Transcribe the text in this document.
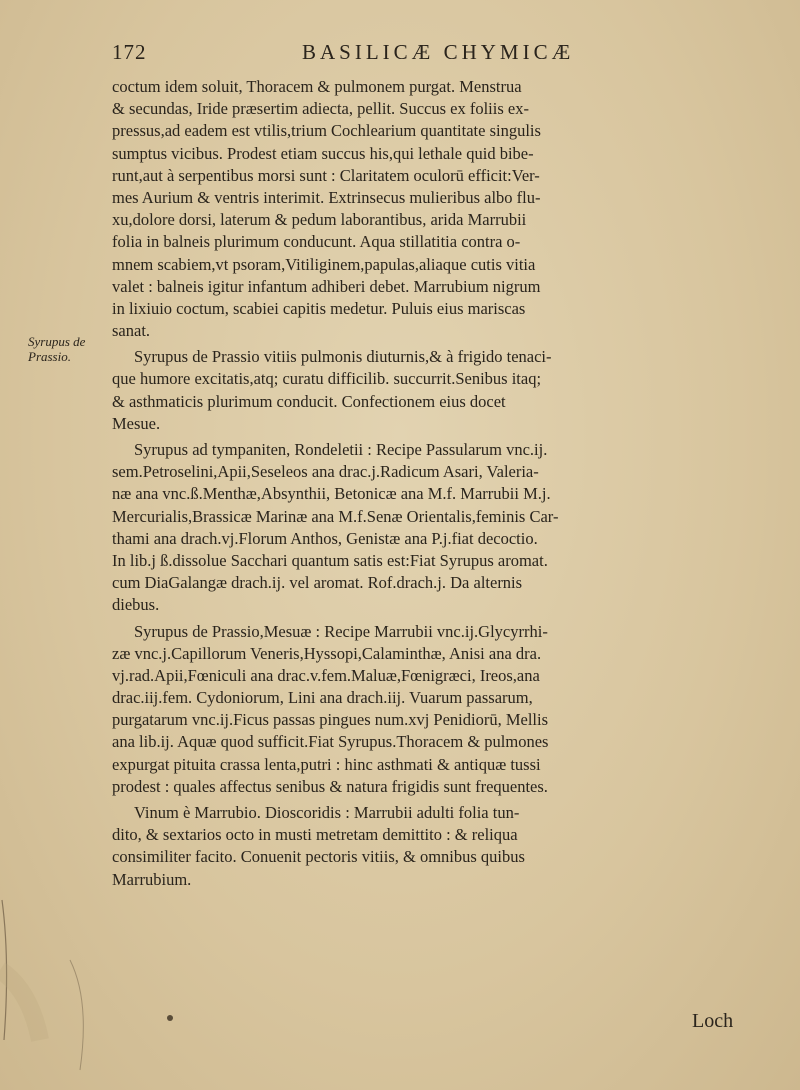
172	BASILICÆ CHYMICÆ
Syrupus de
Prassio.
coctum idem soluit, Thoracem & pulmonem purgat. Menstrua
& secundas, Iride præsertim adiecta, pellit. Succus ex foliis ex-
pressus,ad eadem est vtilis,trium Cochlearium quantitate singulis
sumptus vicibus. Prodest etiam succus his,qui lethale quid bibe-
runt,aut à serpentibus morsi sunt : Claritatem oculorū efficit:Ver-
mes Aurium & ventris interimit. Extrinsecus mulieribus albo flu-
xu,dolore dorsi, laterum & pedum laborantibus, arida Marrubii
folia in balneis plurimum conducunt. Aqua stillatitia contra o-
mnem scabiem,vt psoram,Vitiliginem,papulas,aliaque cutis vitia
valet : balneis igitur infantum adhiberi debet. Marrubium nigrum
in lixiuio coctum, scabiei capitis medetur. Puluis eius mariscas
sanat.
Syrupus de Prassio vitiis pulmonis diuturnis,& à frigido tenaci-
que humore excitatis,atq; curatu difficilib. succurrit.Senibus itaq;
& asthmaticis plurimum conducit. Confectionem eius docet
Mesue.
Syrupus ad tympaniten, Rondeletii : Recipe Passularum vnc.ij.
sem.Petroselini,Apii,Seseleos ana drac.j.Radicum Asari, Valeria-
næ ana vnc.ß.Menthæ,Absynthii, Betonicæ ana M.f. Marrubii M.j.
Mercurialis,Brassicæ Marinæ ana M.f.Senæ Orientalis,feminis Car-
thami ana drach.vj.Florum Anthos, Genistæ ana P.j.fiat decoctio.
In lib.j ß.dissolue Sacchari quantum satis est:Fiat Syrupus aromat.
cum DiaGalangæ drach.ij. vel aromat. Rof.drach.j. Da alternis
diebus.
Syrupus de Prassio,Mesuæ : Recipe Marrubii vnc.ij.Glycyrrhi-
zæ vnc.j.Capillorum Veneris,Hyssopi,Calaminthæ, Anisi ana dra.
vj.rad.Apii,Fœniculi ana drac.v.fem.Maluæ,Fœnigræci, Ireos,ana
drac.iij.fem. Cydoniorum, Lini ana drach.iij. Vuarum passarum,
purgatarum vnc.ij.Ficus passas pingues num.xvj Penidiorū, Mellis
ana lib.ij. Aquæ quod sufficit.Fiat Syrupus.Thoracem & pulmones
expurgat pituita crassa lenta,putri : hinc asthmati & antiquæ tussi
prodest : quales affectus senibus & natura frigidis sunt frequentes.
Vinum è Marrubio. Dioscoridis : Marrubii adulti folia tun-
dito, & sextarios octo in musti metretam demittito : & reliqua
consimiliter facito. Conuenit pectoris vitiis, & omnibus quibus
Marrubium.
Loch
